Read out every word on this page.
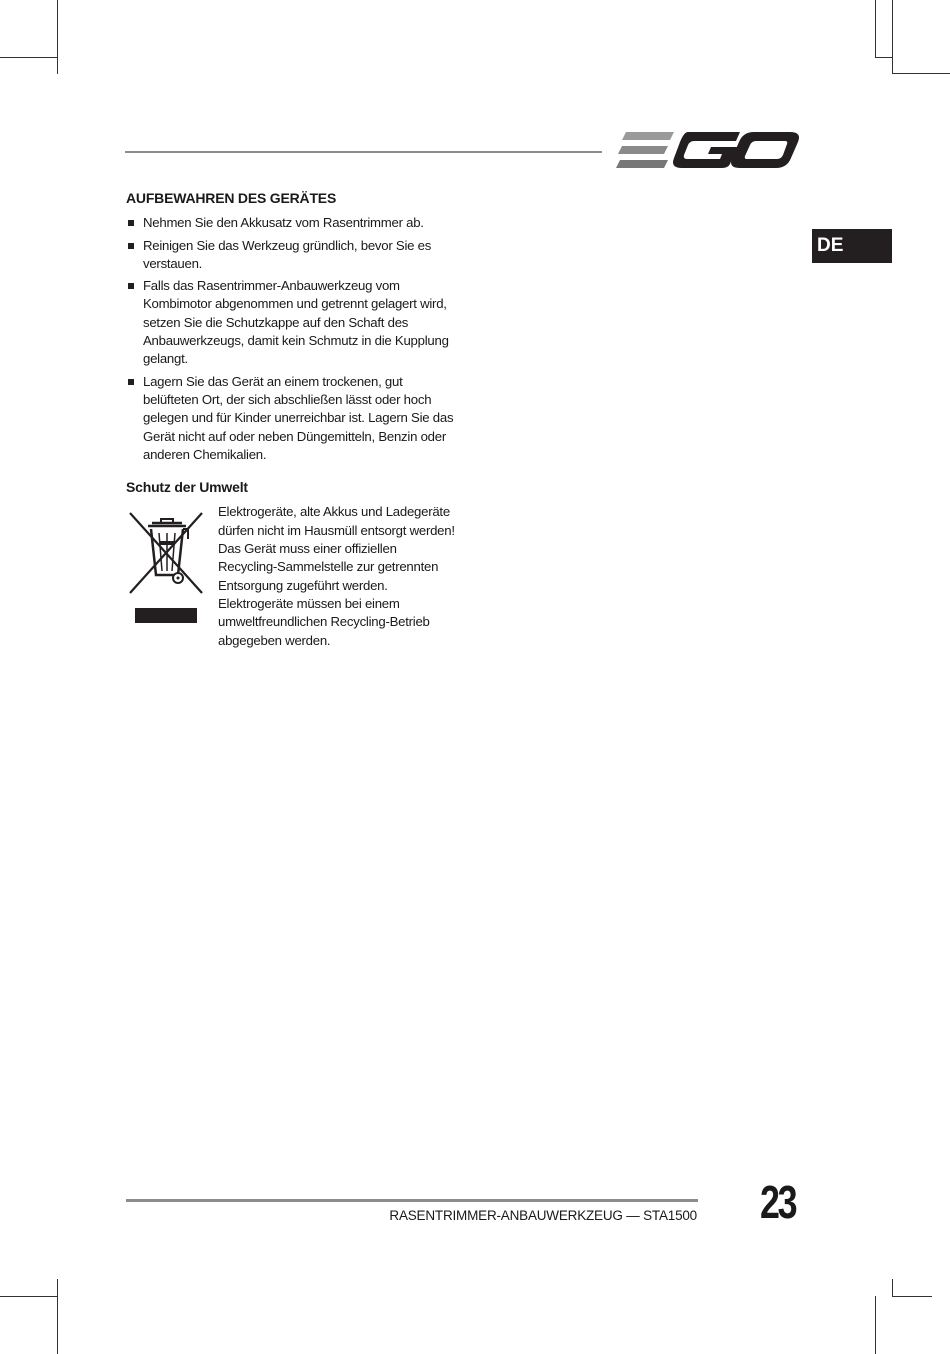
DE
AUFBEWAHREN DES GERÄTES
Nehmen Sie den Akkusatz vom Rasentrimmer ab.
Reinigen Sie das Werkzeug gründlich, bevor Sie es verstauen.
Falls das Rasentrimmer-Anbauwerkzeug vom Kombimotor abgenommen und getrennt gelagert wird, setzen Sie die Schutzkappe auf den Schaft des Anbauwerkzeugs, damit kein Schmutz in die Kupplung gelangt.
Lagern Sie das Gerät an einem trockenen, gut belüfteten Ort, der sich abschließen lässt oder hoch gelegen und für Kinder unerreichbar ist. Lagern Sie das Gerät nicht auf oder neben Düngemitteln, Benzin oder anderen Chemikalien.
Schutz der Umwelt
Elektrogeräte, alte Akkus und Ladegeräte dürfen nicht im Hausmüll entsorgt werden! Das Gerät muss einer offiziellen Recycling-Sammelstelle zur getrennten Entsorgung zugeführt werden. Elektrogeräte müssen bei einem umweltfreundlichen Recycling-Betrieb abgegeben werden.
RASENTRIMMER-ANBAUWERKZEUG — STA1500 23
